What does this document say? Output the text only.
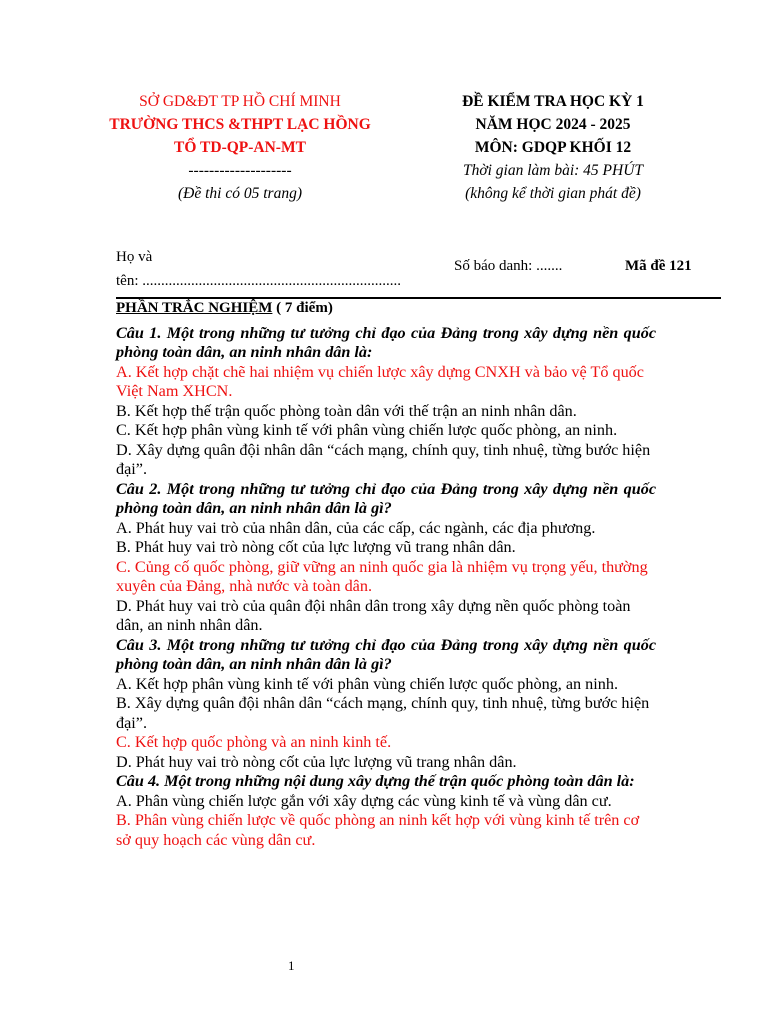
SỞ GD&ĐT TP HỒ CHÍ MINH
TRƯỜNG THCS &THPT LẠC HỒNG
TỔ TD-QP-AN-MT
--------------------
(Đề thi có 05 trang)
ĐỀ KIỂM TRA HỌC KỲ 1
NĂM HỌC 2024 - 2025
MÔN: GDQP KHỐI 12
Thời gian làm bài: 45 PHÚT
(không kể thời gian phát đề)
Họ và
tên: .....................................................................
Số báo danh: .......	Mã đề 121
PHẦN TRẮC NGHIỆM ( 7 điểm)
Câu 1. Một trong những tư tưởng chỉ đạo của Đảng trong xây dựng nền quốc phòng toàn dân, an ninh nhân dân là:
A. Kết hợp chặt chẽ hai nhiệm vụ chiến lược xây dựng CNXH và bảo vệ Tổ quốc Việt Nam XHCN.
B. Kết hợp thế trận quốc phòng toàn dân với thế trận an ninh nhân dân.
C. Kết hợp phân vùng kinh tế với phân vùng chiến lược quốc phòng, an ninh.
D. Xây dựng quân đội nhân dân “cách mạng, chính quy, tinh nhuệ, từng bước hiện đại”.
Câu 2. Một trong những tư tưởng chỉ đạo của Đảng trong xây dựng nền quốc phòng toàn dân, an ninh nhân dân là gì?
A. Phát huy vai trò của nhân dân, của các cấp, các ngành, các địa phương.
B. Phát huy vai trò nòng cốt của lực lượng vũ trang nhân dân.
C. Củng cố quốc phòng, giữ vững an ninh quốc gia là nhiệm vụ trọng yếu, thường xuyên của Đảng, nhà nước và toàn dân.
D. Phát huy vai trò của quân đội nhân dân trong xây dựng nền quốc phòng toàn dân, an ninh nhân dân.
Câu 3. Một trong những tư tưởng chỉ đạo của Đảng trong xây dựng nền quốc phòng toàn dân, an ninh nhân dân là gì?
A. Kết hợp phân vùng kinh tế với phân vùng chiến lược quốc phòng, an ninh.
B. Xây dựng quân đội nhân dân “cách mạng, chính quy, tinh nhuệ, từng bước hiện đại”.
C. Kết hợp quốc phòng và an ninh kinh tế.
D. Phát huy vai trò nòng cốt của lực lượng vũ trang nhân dân.
Câu 4. Một trong những nội dung xây dựng thế trận quốc phòng toàn dân là:
A. Phân vùng chiến lược gắn với xây dựng các vùng kinh tế và vùng dân cư.
B. Phân vùng chiến lược về quốc phòng an ninh kết hợp với vùng kinh tế trên cơ sở quy hoạch các vùng dân cư.
1
